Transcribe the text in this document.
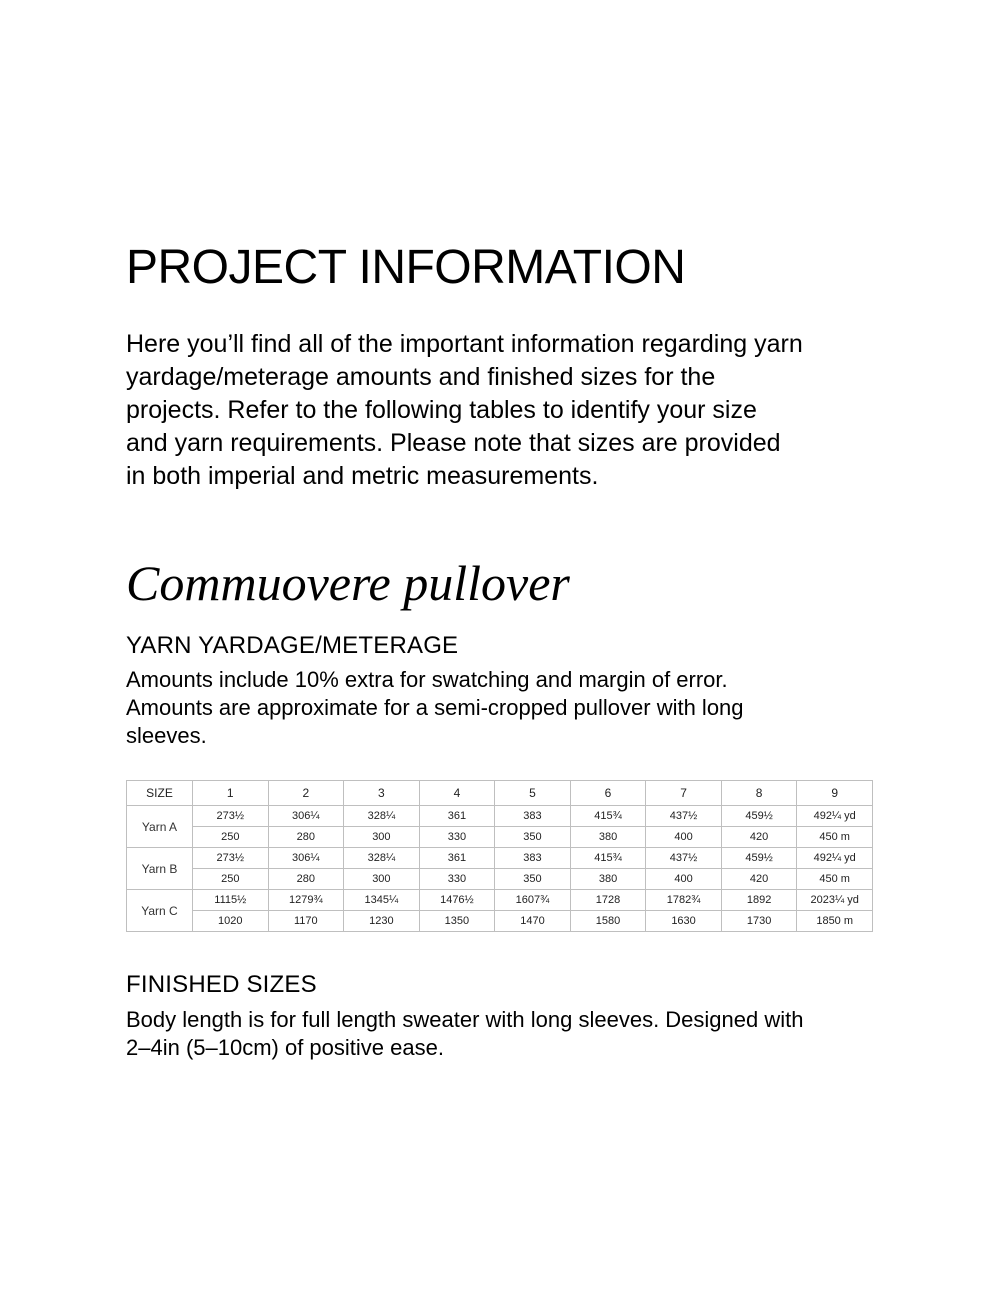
PROJECT INFORMATION
Here you’ll find all of the important information regarding yarn
yardage/meterage amounts and finished sizes for the
projects. Refer to the following tables to identify your size
and yarn requirements. Please note that sizes are provided
in both imperial and metric measurements.
Commuovere pullover
YARN YARDAGE/METERAGE
Amounts include 10% extra for swatching and margin of error.
Amounts are approximate for a semi-cropped pullover with long
sleeves.
SIZE	1	2	3	4	5	6	7	8	9
Yarn A	273½	306¼	328¼	361	383	415¾	437½	459½	492¼ yd
	250	280	300	330	350	380	400	420	450 m
Yarn B	273½	306¼	328¼	361	383	415¾	437½	459½	492¼ yd
	250	280	300	330	350	380	400	420	450 m
Yarn C	1115½	1279¾	1345¼	1476½	1607¾	1728	1782¾	1892	2023¼ yd
	1020	1170	1230	1350	1470	1580	1630	1730	1850 m
FINISHED SIZES
Body length is for full length sweater with long sleeves. Designed with
2–4in (5–10cm) of positive ease.
